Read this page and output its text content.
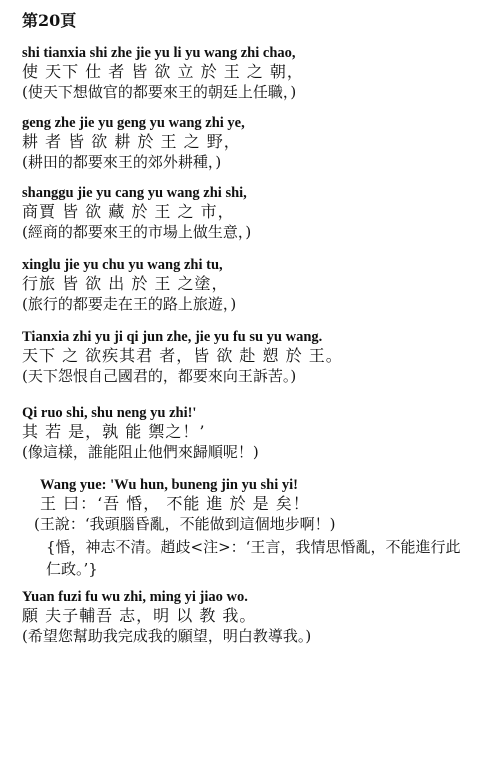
第20頁
shi tianxia shi zhe jie yu li yu wang zhi chao,
使 天下 仕 者 皆 欲 立 於 王 之 朝，
(使天下想做官的都要來王的朝廷上任職，)
geng zhe jie yu geng yu wang zhi ye,
耕 者 皆 欲 耕 於 王 之 野，
(耕田的都要來王的郊外耕種，)
shanggu jie yu cang yu wang zhi shi,
商賈 皆 欲 藏 於 王 之 市，
(經商的都要來王的市場上做生意，)
xinglu jie yu chu yu wang zhi tu,
行旅 皆 欲 出 於 王 之塗，
(旅行的都要走在王的路上旅遊，)
Tianxia zhi yu ji qi jun zhe, jie yu fu su yu wang.
天下 之 欲疾其君 者，皆 欲 赴 愬 於 王。
(天下怨恨自己國君的，都要來向王訴苦。)
Qi ruo shi, shu neng yu zhi!'
其 若 是，孰 能 禦之！’
(像這樣，誰能阻止他們來歸順呢！)
Wang yue: 'Wu hun, buneng jin yu shi yi!
王 曰：‘吾 惛， 不能 進 於 是 矣！
(王說：‘我頭腦昏亂，不能做到這個地步啊！)
{惛，神志不清。趙歧<注>：‘王言，我情思惛亂，不能進行此仁政。’}
Yuan fuzi fu wu zhi, ming yi jiao wo.
願 夫子輔吾 志，明 以 教 我。
(希望您幫助我完成我的願望，明白教導我。)
